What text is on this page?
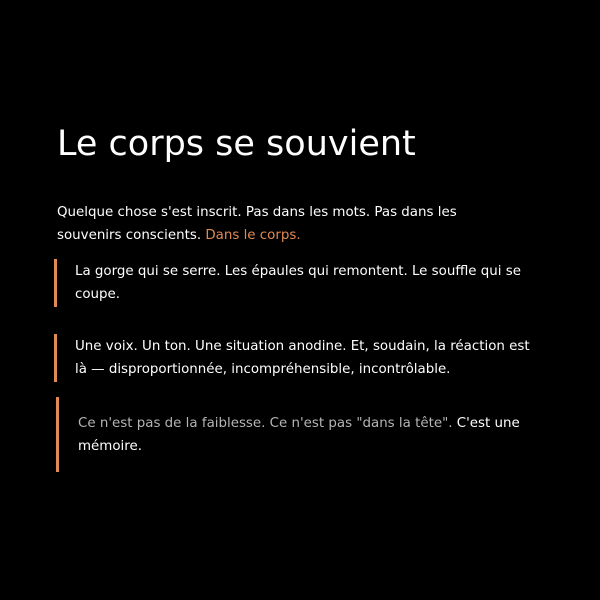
Le corps se souvient
Quelque chose s'est inscrit. Pas dans les mots. Pas dans les souvenirs conscients. Dans le corps.
La gorge qui se serre. Les épaules qui remontent. Le souffle qui se coupe.
Une voix. Un ton. Une situation anodine. Et, soudain, la réaction est là — disproportionnée, incompréhensible, incontrôlable.
Ce n'est pas de la faiblesse. Ce n'est pas "dans la tête". C'est une mémoire.
